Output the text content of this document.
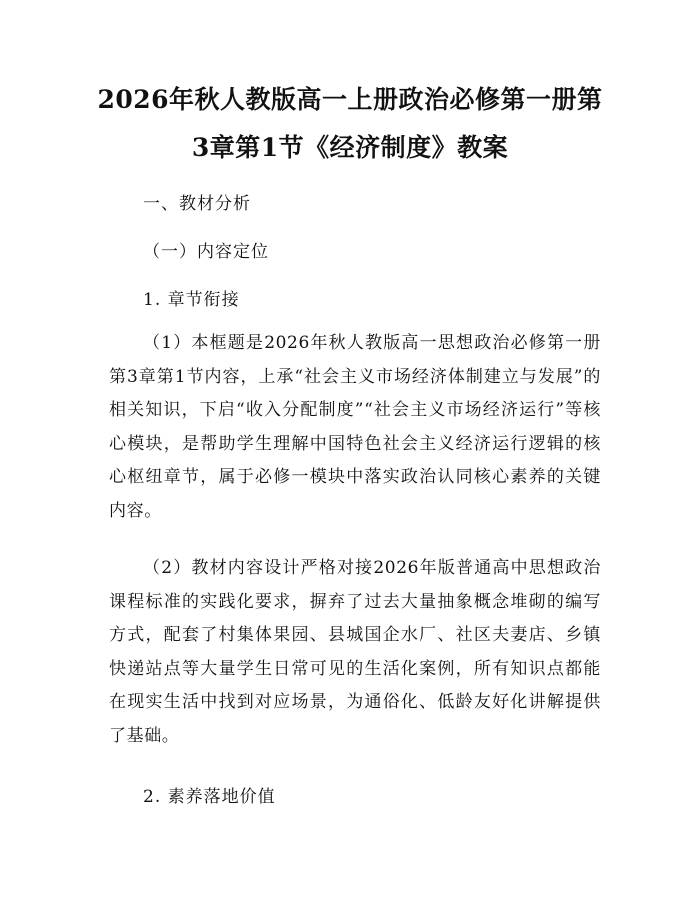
2026年秋人教版高一上册政治必修第一册第
3章第1节《经济制度》教案

一、教材分析

（一）内容定位

1. 章节衔接

（1）本框题是2026年秋人教版高一思想政治必修第一册第3章第1节内容，上承“社会主义市场经济体制建立与发展”的相关知识，下启“收入分配制度”“社会主义市场经济运行”等核心模块，是帮助学生理解中国特色社会主义经济运行逻辑的核心枢纽章节，属于必修一模块中落实政治认同核心素养的关键内容。

（2）教材内容设计严格对接2026年版普通高中思想政治课程标准的实践化要求，摒弃了过去大量抽象概念堆砌的编写方式，配套了村集体果园、县城国企水厂、社区夫妻店、乡镇快递站点等大量学生日常可见的生活化案例，所有知识点都能在现实生活中找到对应场景，为通俗化、低龄友好化讲解提供了基础。

2. 素养落地价值
